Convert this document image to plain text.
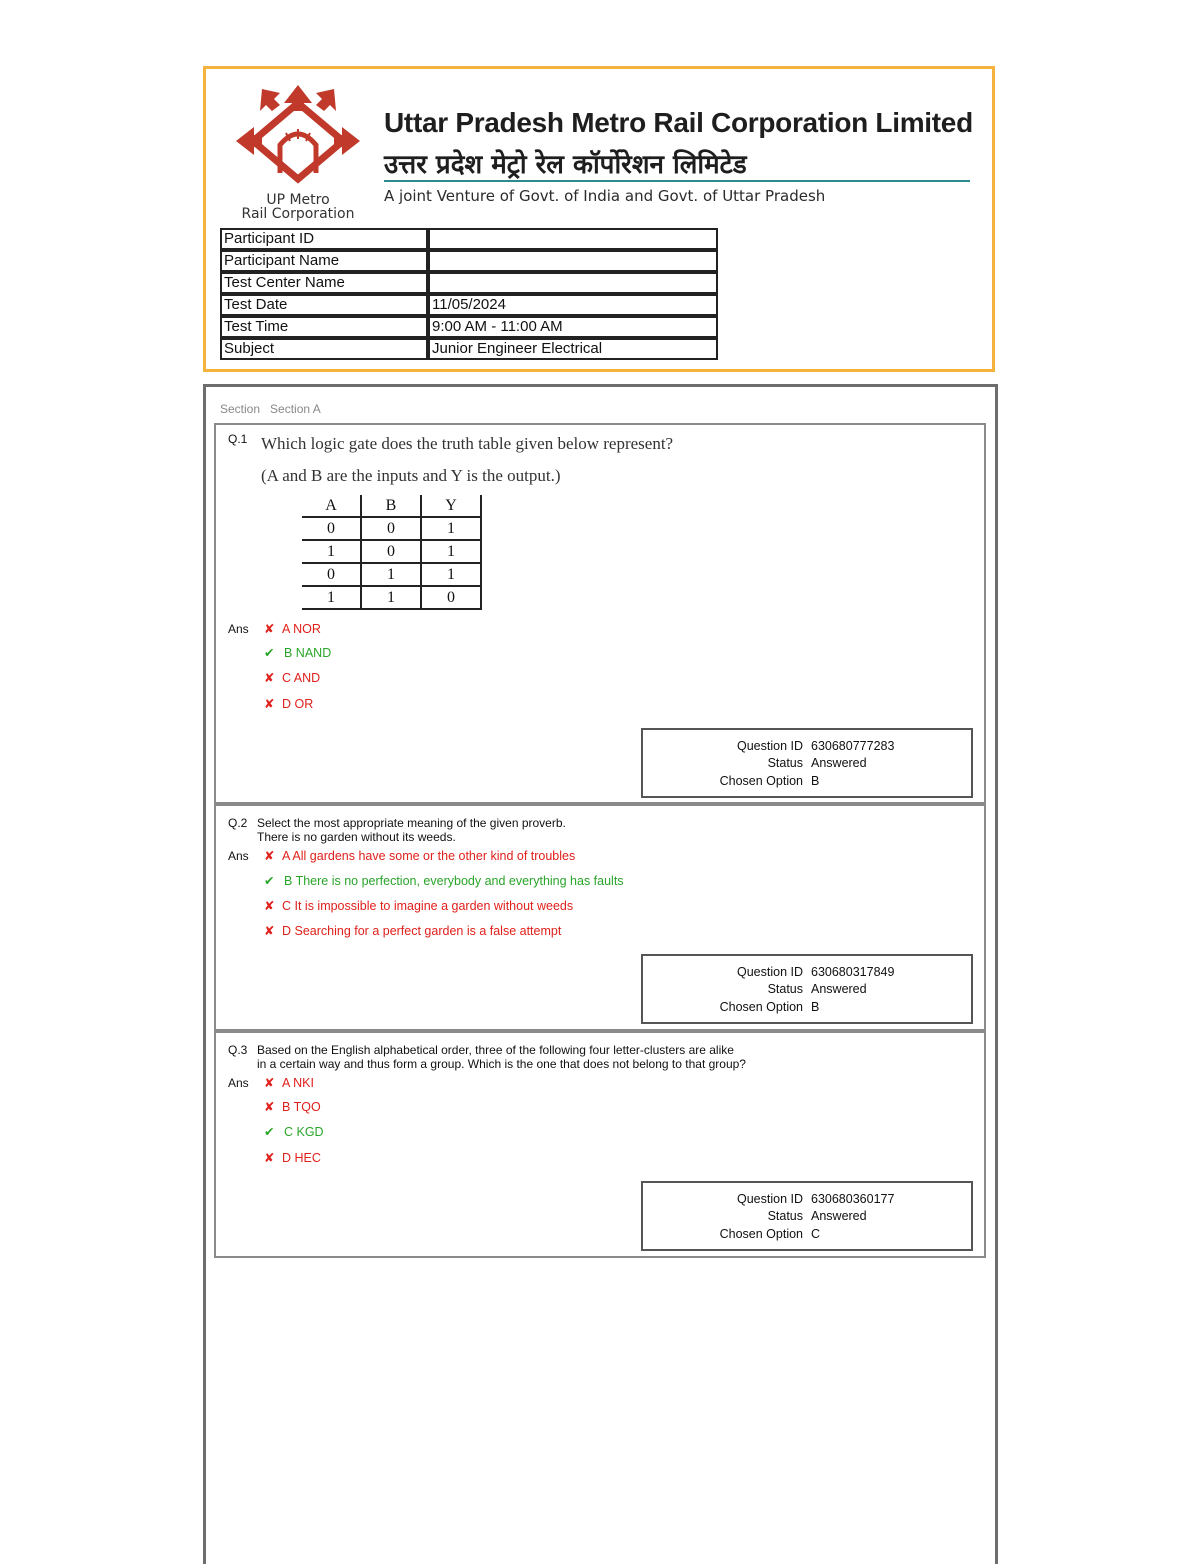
UP Metro
Rail Corporation
Uttar Pradesh Metro Rail Corporation Limited
उत्तर प्रदेश मेट्रो रेल कॉर्पोरेशन लिमिटेड
A joint Venture of Govt. of India and Govt. of Uttar Pradesh
Participant ID	
Participant Name	
Test Center Name	
Test Date	11/05/2024
Test Time	9:00 AM - 11:00 AM
Subject	Junior Engineer Electrical
Section Section A
Q.1 Which logic gate does the truth table given below represent?
(A and B are the inputs and Y is the output.)
A	B	Y
0	0	1
1	0	1
0	1	1
1	1	0
Ans ✘ A NOR
✔ B NAND
✘ C AND
✘ D OR
Question ID 630680777283
Status Answered
Chosen Option B
Q.2 Select the most appropriate meaning of the given proverb.
There is no garden without its weeds.
Ans ✘ A All gardens have some or the other kind of troubles
✔ B There is no perfection, everybody and everything has faults
✘ C It is impossible to imagine a garden without weeds
✘ D Searching for a perfect garden is a false attempt
Question ID 630680317849
Status Answered
Chosen Option B
Q.3 Based on the English alphabetical order, three of the following four letter-clusters are alike
in a certain way and thus form a group. Which is the one that does not belong to that group?
Ans ✘ A NKI
✘ B TQO
✔ C KGD
✘ D HEC
Question ID 630680360177
Status Answered
Chosen Option C
